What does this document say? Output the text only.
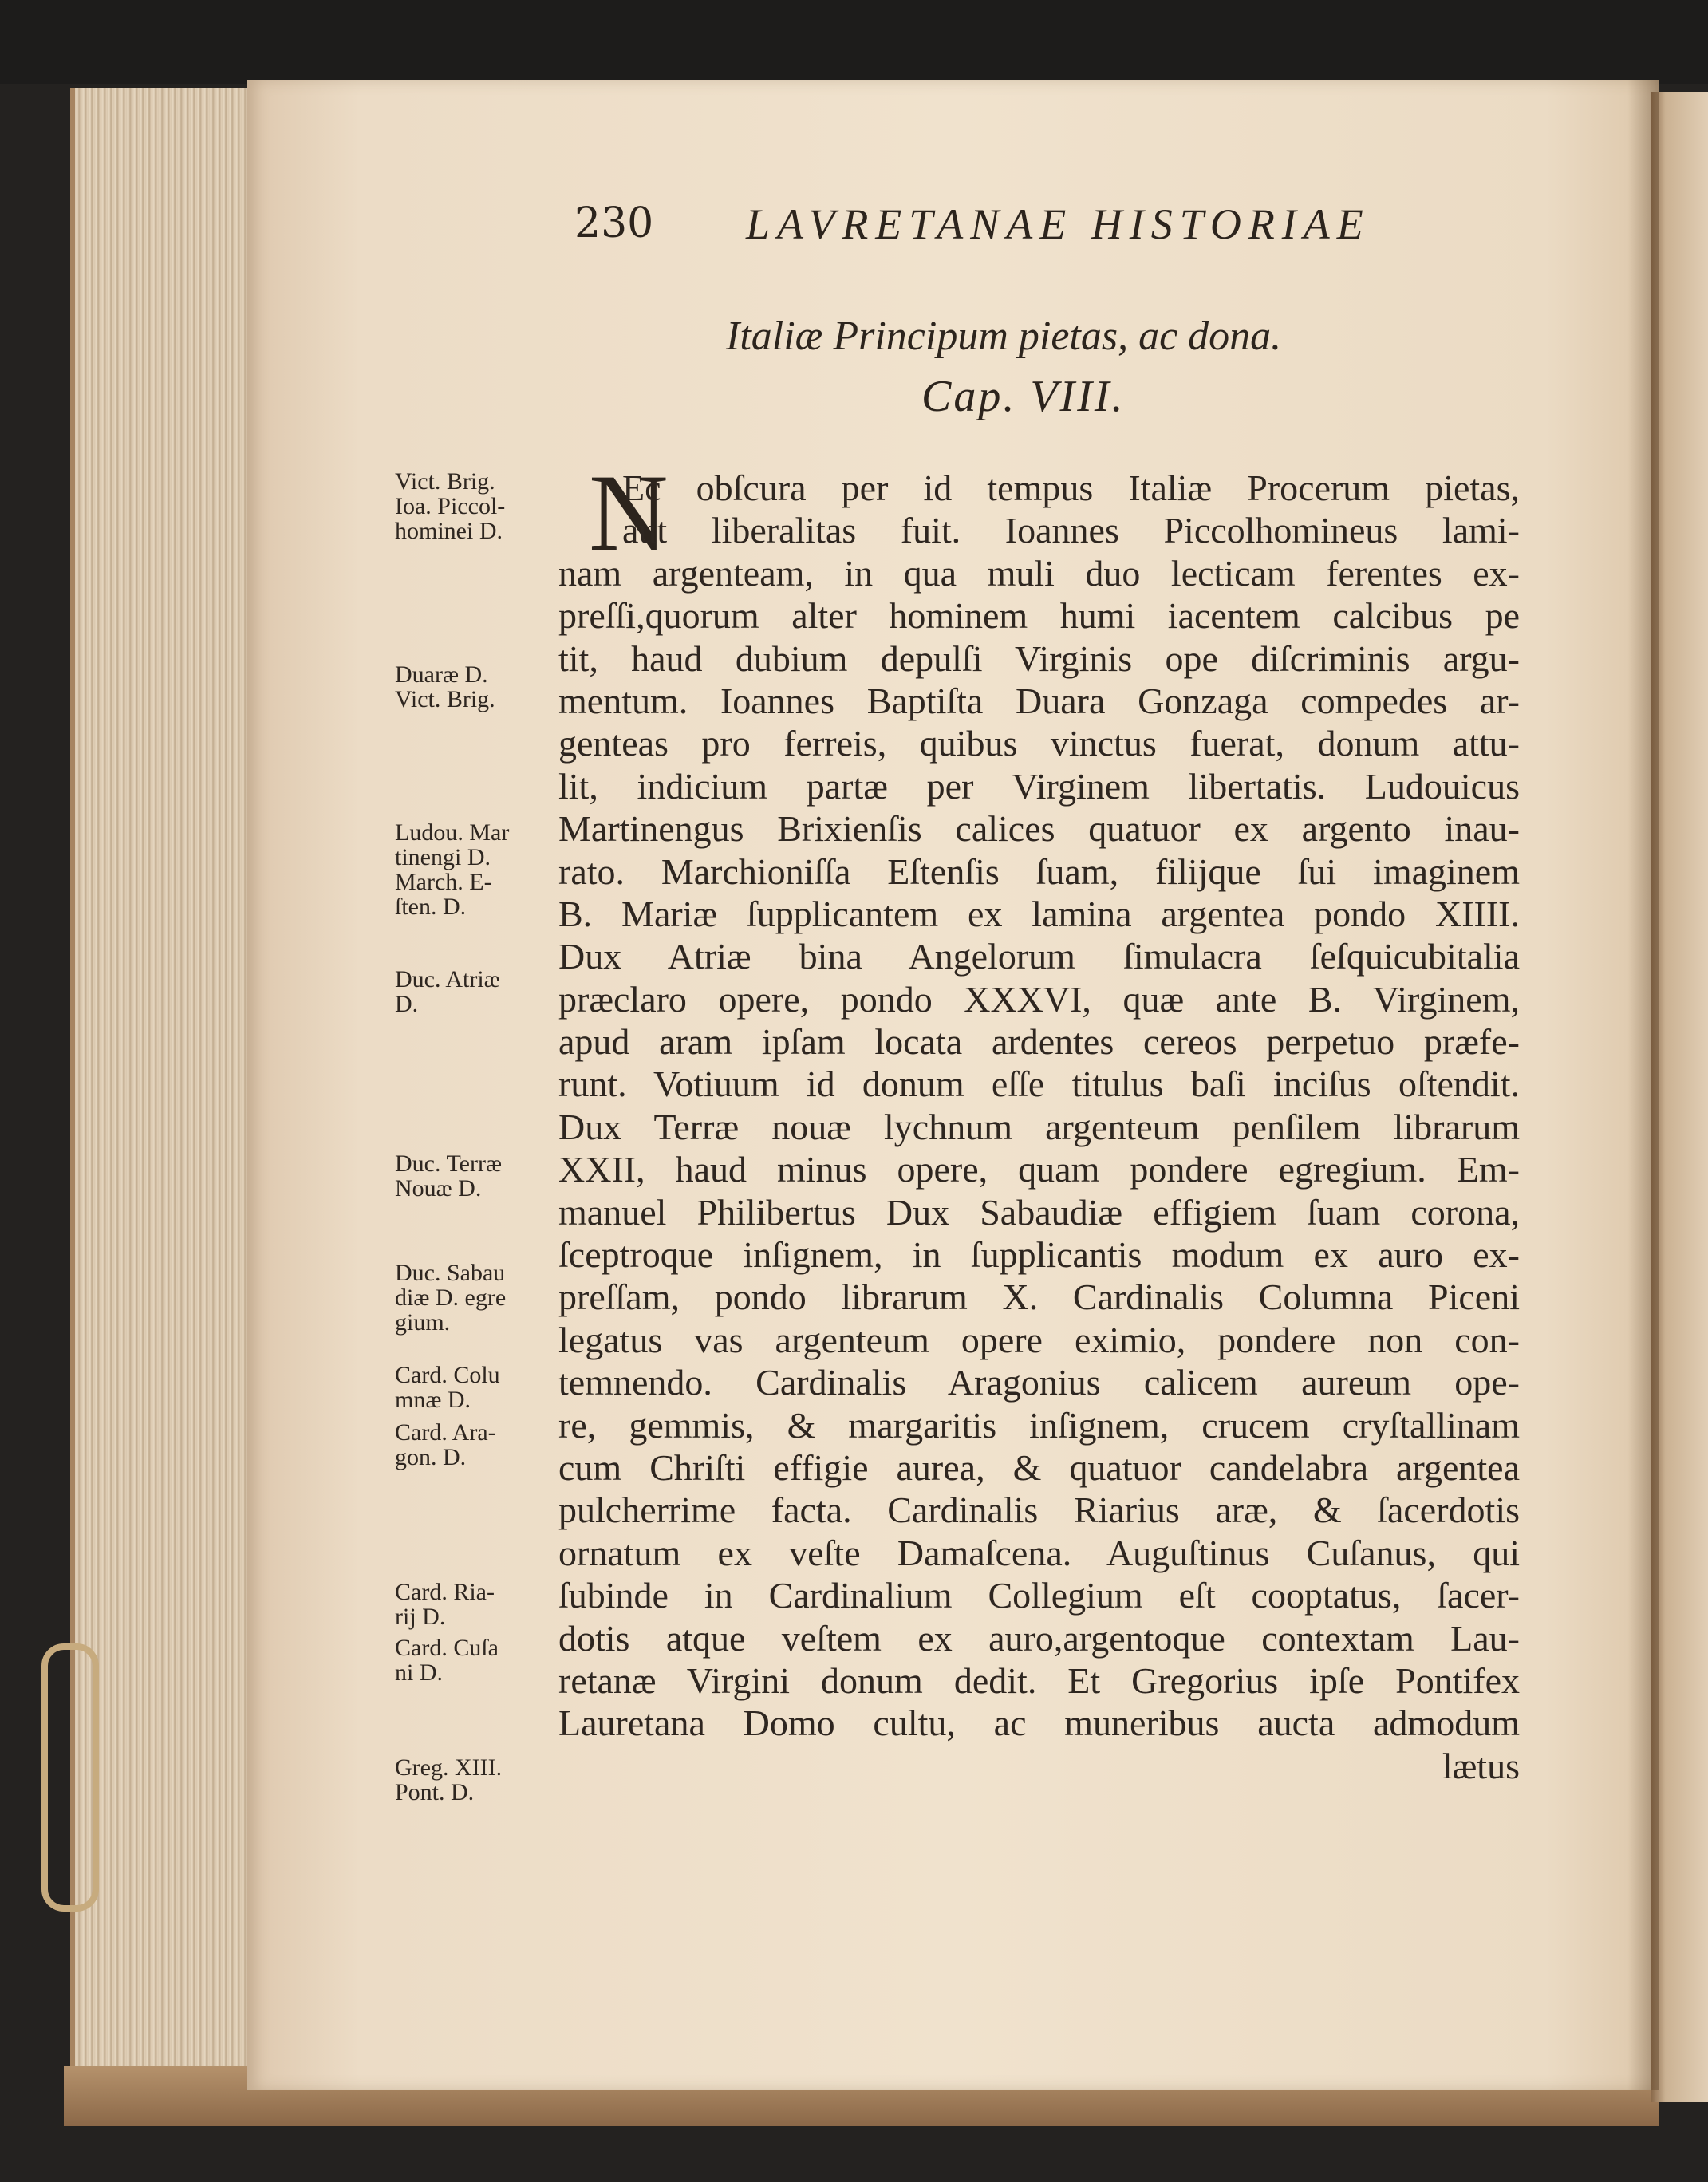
230 LAVRETANAE HISTORIAE
Italiæ Principum pietas, ac dona.
Cap. VIII.
N
Ec obſcura per id tempus Italiæ Procerum pietas,
aut liberalitas fuit. Ioannes Piccolhomineus lami-
nam argenteam, in qua muli duo lecticam ferentes ex-
preſſi,quorum alter hominem humi iacentem calcibus pe
tit, haud dubium depulſi Virginis ope diſcriminis argu-
mentum. Ioannes Baptiſta Duara Gonzaga compedes ar-
genteas pro ferreis, quibus vinctus fuerat, donum attu-
lit, indicium partæ per Virginem libertatis. Ludouicus
Martinengus Brixienſis calices quatuor ex argento inau-
rato. Marchioniſſa Eſtenſis ſuam, filijque ſui imaginem
B. Mariæ ſupplicantem ex lamina argentea pondo XIIII.
Dux Atriæ bina Angelorum ſimulacra ſeſquicubitalia
præclaro opere, pondo XXXVI, quæ ante B. Virginem,
apud aram ipſam locata ardentes cereos perpetuo præfe-
runt. Votiuum id donum eſſe titulus baſi inciſus oſtendit.
Dux Terræ nouæ lychnum argenteum penſilem librarum
XXII, haud minus opere, quam pondere egregium. Em-
manuel Philibertus Dux Sabaudiæ effigiem ſuam corona,
ſceptroque inſignem, in ſupplicantis modum ex auro ex-
preſſam, pondo librarum X. Cardinalis Columna Piceni
legatus vas argenteum opere eximio, pondere non con-
temnendo. Cardinalis Aragonius calicem aureum ope-
re, gemmis, & margaritis inſignem, crucem cryſtallinam
cum Chriſti effigie aurea, & quatuor candelabra argentea
pulcherrime facta. Cardinalis Riarius aræ, & ſacerdotis
ornatum ex veſte Damaſcena. Auguſtinus Cuſanus, qui
ſubinde in Cardinalium Collegium eſt cooptatus, ſacer-
dotis atque veſtem ex auro,argentoque contextam Lau-
retanæ Virgini donum dedit. Et Gregorius ipſe Pontifex
Lauretana Domo cultu, ac muneribus aucta admodum
lætus
Vict. Brig.
Ioa. Piccol-
hominei D.
Duaræ D.
Vict. Brig.
Ludou. Mar
tinengi D.
March. E-
ſten. D.
Duc. Atriæ
D.
Duc. Terræ
Nouæ D.
Duc. Sabau
diæ D. egre
gium.
Card. Colu
mnæ D.
Card. Ara-
gon. D.
Card. Ria-
rij D.
Card. Cuſa
ni D.
Greg. XIII.
Pont. D.
